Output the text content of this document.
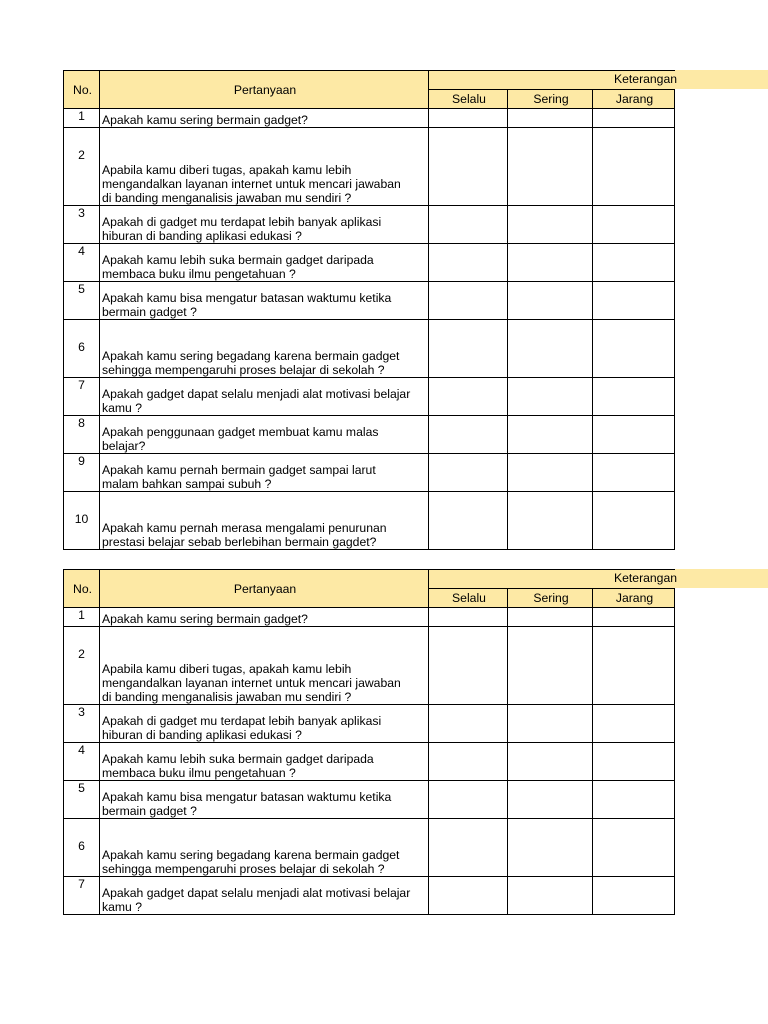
Keterangan
No.	Pertanyaan			
		Selalu	Sering	Jarang
1	Apakah kamu sering bermain gadget?			

2	Apabila kamu diberi tugas, apakah kamu lebih
mengandalkan layanan internet untuk mencari jawaban
di banding menganalisis jawaban mu sendiri ?			

3	Apakah di gadget mu terdapat lebih banyak aplikasi
hiburan di banding aplikasi edukasi ?			

4	Apakah kamu lebih suka bermain gadget daripada
membaca buku ilmu pengetahuan ?			

5	Apakah kamu bisa mengatur batasan waktumu ketika
bermain gadget ?			

6	Apakah kamu sering begadang karena bermain gadget
sehingga mempengaruhi proses belajar di sekolah ?			

7	Apakah gadget dapat selalu menjadi alat motivasi belajar
kamu ?			

8	Apakah penggunaan gadget membuat kamu malas
belajar?			

9	Apakah kamu pernah bermain gadget sampai larut
malam bahkan sampai subuh ?			

10	Apakah kamu pernah merasa mengalami penurunan
prestasi belajar sebab berlebihan bermain gagdet?			

Keterangan
No.	Pertanyaan			
		Selalu	Sering	Jarang
1	Apakah kamu sering bermain gadget?			

2	Apabila kamu diberi tugas, apakah kamu lebih
mengandalkan layanan internet untuk mencari jawaban
di banding menganalisis jawaban mu sendiri ?			

3	Apakah di gadget mu terdapat lebih banyak aplikasi
hiburan di banding aplikasi edukasi ?			

4	Apakah kamu lebih suka bermain gadget daripada
membaca buku ilmu pengetahuan ?			

5	Apakah kamu bisa mengatur batasan waktumu ketika
bermain gadget ?			

6	Apakah kamu sering begadang karena bermain gadget
sehingga mempengaruhi proses belajar di sekolah ?			

7	Apakah gadget dapat selalu menjadi alat motivasi belajar
kamu ?			
